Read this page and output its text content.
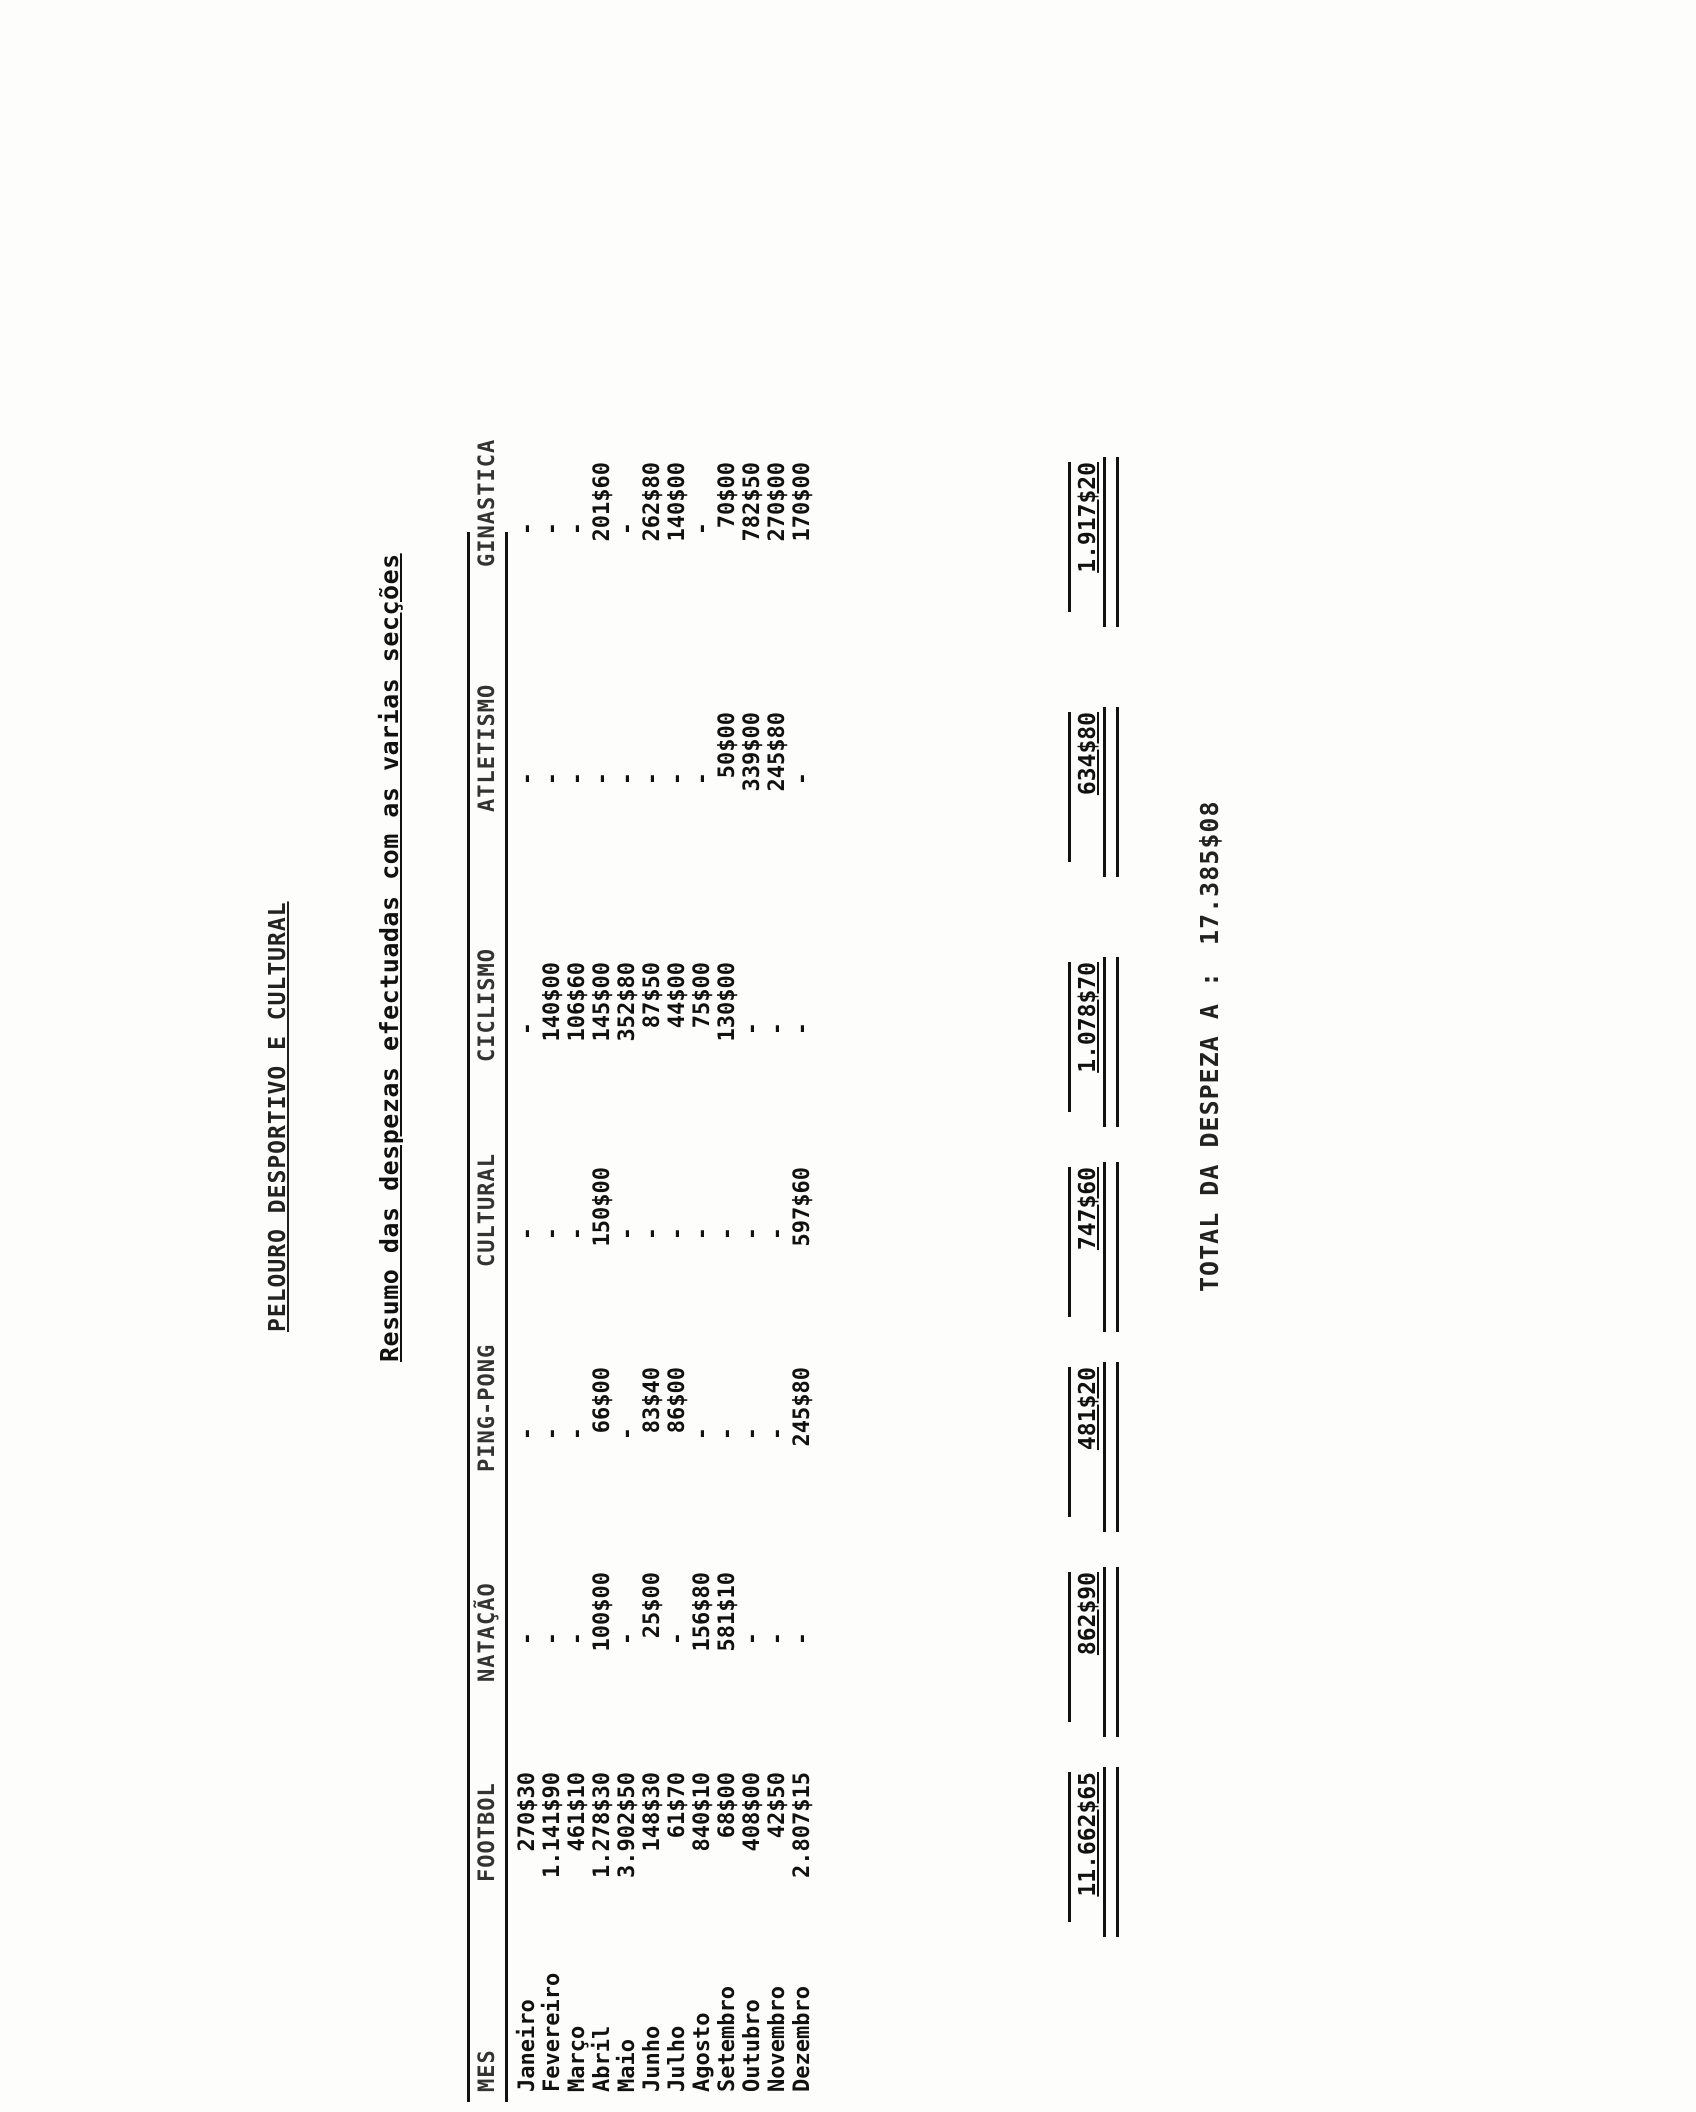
PELOURO DESPORTIVO E CULTURAL	Resumo das despezas efectuadas com as varias secções
MES
FOOTBOL
NATAÇÃO
PING-PONG
CULTURAL
CICLISMO
ATLETISMO
GINASTICA
Janeiro Fevereiro Março Abril Maio Junho Julho Agosto Setembro Outubro Novembro Dezembro
270$30
-
-
-
-
-
-
1.141$90
-
-
-
140$00
-
-
461$10
-
-
-
106$60
-
-
1.278$30
100$00
66$00
150$00
145$00
-
201$60
3.902$50
-
-
-
352$80
-
-
148$30
25$00
83$40
-
87$50
-
262$80
61$70
-
86$00
-
44$00
-
140$00
840$10
156$80
-
-
75$00
-
-
68$00
581$10
-
-
130$00
50$00
70$00
408$00
-
-
-
-
339$00
782$50
42$50
-
-
-
-
245$80
270$00
2.807$15
-
245$80
597$60
-
-
170$00
11.662$65
862$90
481$20
747$60
1.078$70
634$80
1.917$20
TOTAL DA DESPEZA A :17.385$08
